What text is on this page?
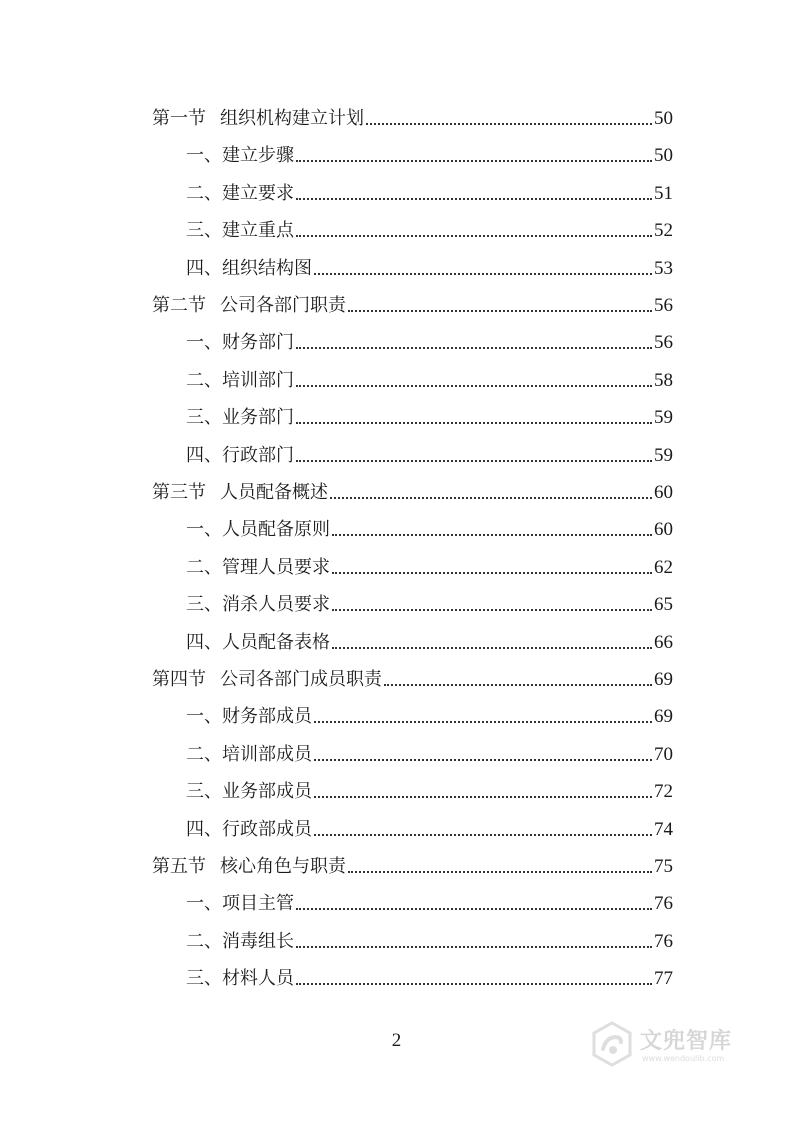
第一节 组织机构建立计划	50
一、 建立步骤	50
二、 建立要求	51
三、 建立重点	52
四、 组织结构图	53
第二节 公司各部门职责	56
一、 财务部门	56
二、 培训部门	58
三、 业务部门	59
四、 行政部门	59
第三节 人员配备概述	60
一、 人员配备原则	60
二、 管理人员要求	62
三、 消杀人员要求	65
四、 人员配备表格	66
第四节 公司各部门成员职责	69
一、 财务部成员	69
二、 培训部成员	70
三、 业务部成员	72
四、 行政部成员	74
第五节 核心角色与职责	75
一、 项目主管	76
二、 消毒组长	76
三、 材料人员	77
2	文兜智库
www.wendoulib.com
